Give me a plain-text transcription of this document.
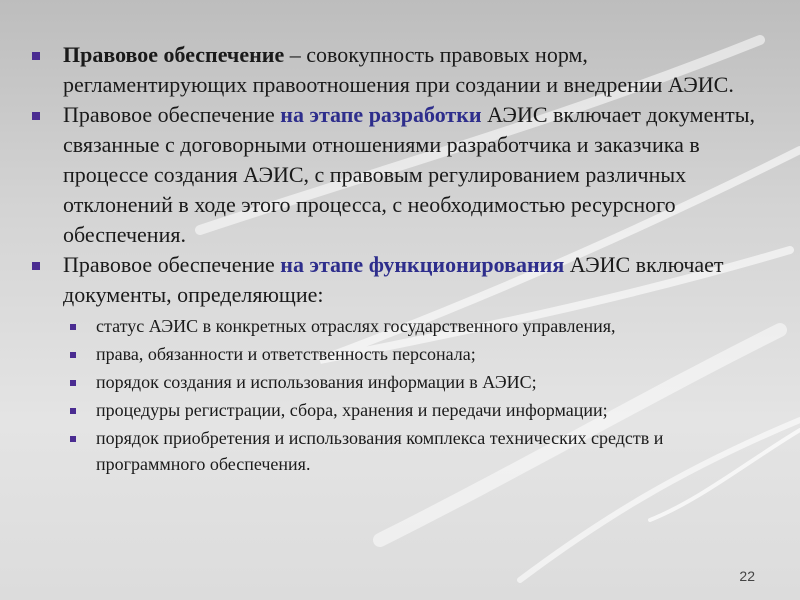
Правовое обеспечение – совокупность правовых норм, регламентирующих правоотношения при создании и внедрении АЭИС.
Правовое обеспечение на этапе разработки АЭИС включает документы, связанные с договорными отношениями разработчика и заказчика в процессе создания АЭИС, с правовым регулированием различных отклонений в ходе этого процесса, с необходимостью ресурсного обеспечения.
Правовое обеспечение на этапе функционирования АЭИС включает документы, определяющие:
статус АЭИС в конкретных отраслях государственного управления,
права, обязанности и ответственность персонала;
порядок создания и использования информации в АЭИС;
процедуры регистрации, сбора, хранения и передачи информации;
порядок приобретения и использования комплекса технических средств и программного обеспечения.
22
